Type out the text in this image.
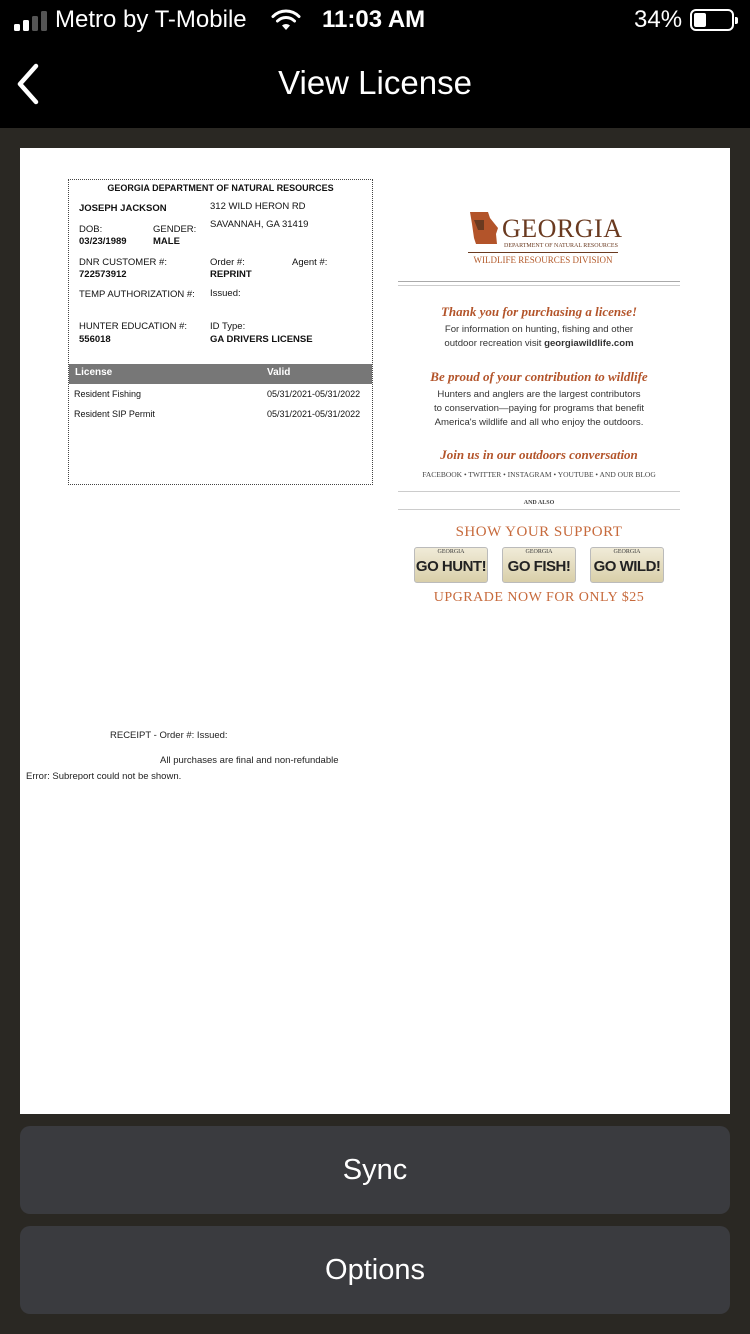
Metro by T-Mobile	11:03 AM	34%
View License
GEORGIA DEPARTMENT OF NATURAL RESOURCES
JOSEPH JACKSON	312 WILD HERON RD
SAVANNAH, GA 31419
DOB:
03/23/1989
GENDER:
MALE
DNR CUSTOMER #:
722573912
Order #:
REPRINT
Agent #:
TEMP AUTHORIZATION #: Issued:
HUNTER EDUCATION #:
556018
ID Type:
GA DRIVERS LICENSE
License	Valid
Resident Fishing	05/31/2021-05/31/2022
Resident SIP Permit	05/31/2021-05/31/2022
GEORGIA
DEPARTMENT OF NATURAL RESOURCES
WILDLIFE RESOURCES DIVISION
Thank you for purchasing a license!
For information on hunting, fishing and other
outdoor recreation visit georgiawildlife.com
Be proud of your contribution to wildlife
Hunters and anglers are the largest contributors
to conservation—paying for programs that benefit
America's wildlife and all who enjoy the outdoors.
Join us in our outdoors conversation
FACEBOOK • TWITTER • INSTAGRAM • YOUTUBE • AND OUR BLOG
AND ALSO
SHOW YOUR SUPPORT
GEORGIA
GO HUNT!
GEORGIA
GO FISH!
GEORGIA
GO WILD!
UPGRADE NOW FOR ONLY $25
RECEIPT - Order #: Issued:
All purchases are final and non-refundable
Error: Subreport could not be shown.
Sync
Options
